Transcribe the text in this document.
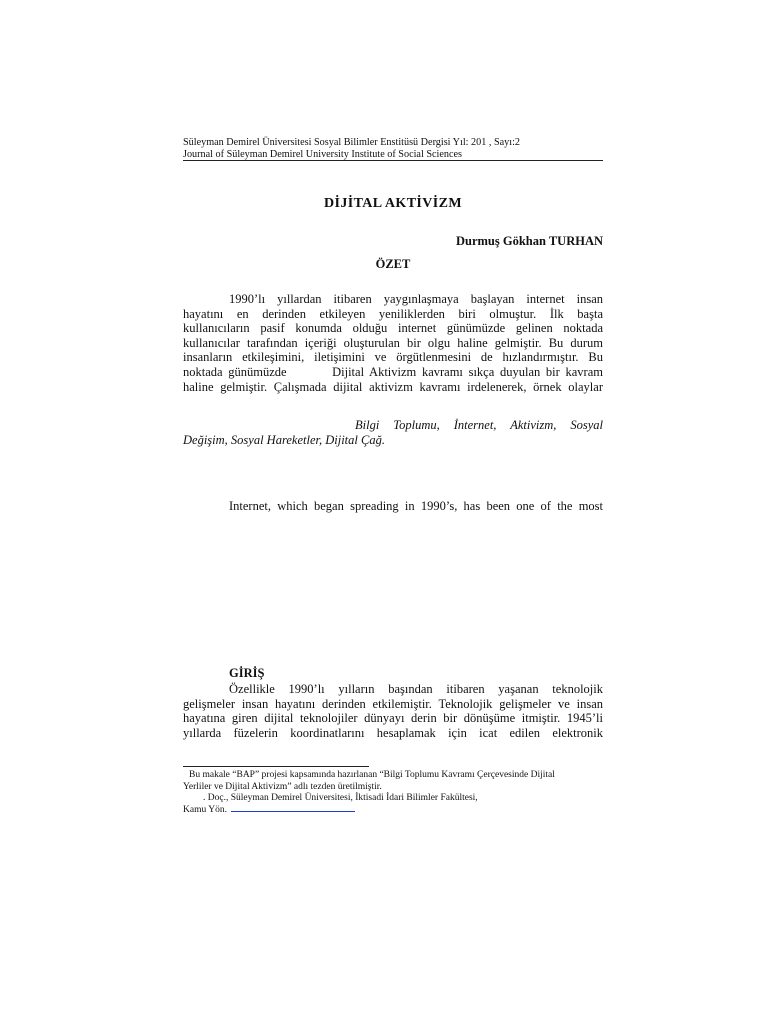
Süleyman Demirel Üniversitesi Sosyal Bilimler Enstitüsü Dergisi Yıl: 201 , Sayı:2
Journal of Süleyman Demirel University Institute of Social Sciences
DİJİTAL AKTİVİZM
Durmuş Gökhan TURHAN
ÖZET
1990’lı yıllardan itibaren yaygınlaşmaya başlayan internet insan
hayatını en derinden etkileyen yeniliklerden biri olmuştur. İlk başta
kullanıcıların pasif konumda olduğu internet günümüzde gelinen noktada
kullanıcılar tarafından içeriği oluşturulan bir olgu haline gelmiştir. Bu durum
insanların etkileşimini, iletişimini ve örgütlenmesini de hızlandırmıştır. Bu
noktada günümüzde        Dijital Aktivizm kavramı sıkça duyulan bir kavram
haline gelmiştir. Çalışmada dijital aktivizm kavramı irdelenerek, örnek olaylar
Bilgi Toplumu, İnternet, Aktivizm, Sosyal
Değişim, Sosyal Hareketler, Dijital Çağ.
Internet, which began spreading in 1990’s, has been one of the most
GİRİŞ
Özellikle 1990’lı yılların başından itibaren yaşanan teknolojik
gelişmeler insan hayatını derinden etkilemiştir. Teknolojik gelişmeler ve insan
hayatına giren dijital teknolojiler dünyayı derin bir dönüşüme itmiştir. 1945’li
yıllarda füzelerin koordinatlarını hesaplamak için icat edilen elektronik
Bu makale “BAP” projesi kapsamında hazırlanan “Bilgi Toplumu Kavramı Çerçevesinde Dijital
Yerliler ve Dijital Aktivizm” adlı tezden üretilmiştir.
. Doç., Süleyman Demirel Üniversitesi, İktisadi İdari Bilimler Fakültesi,
Kamu Yön.
